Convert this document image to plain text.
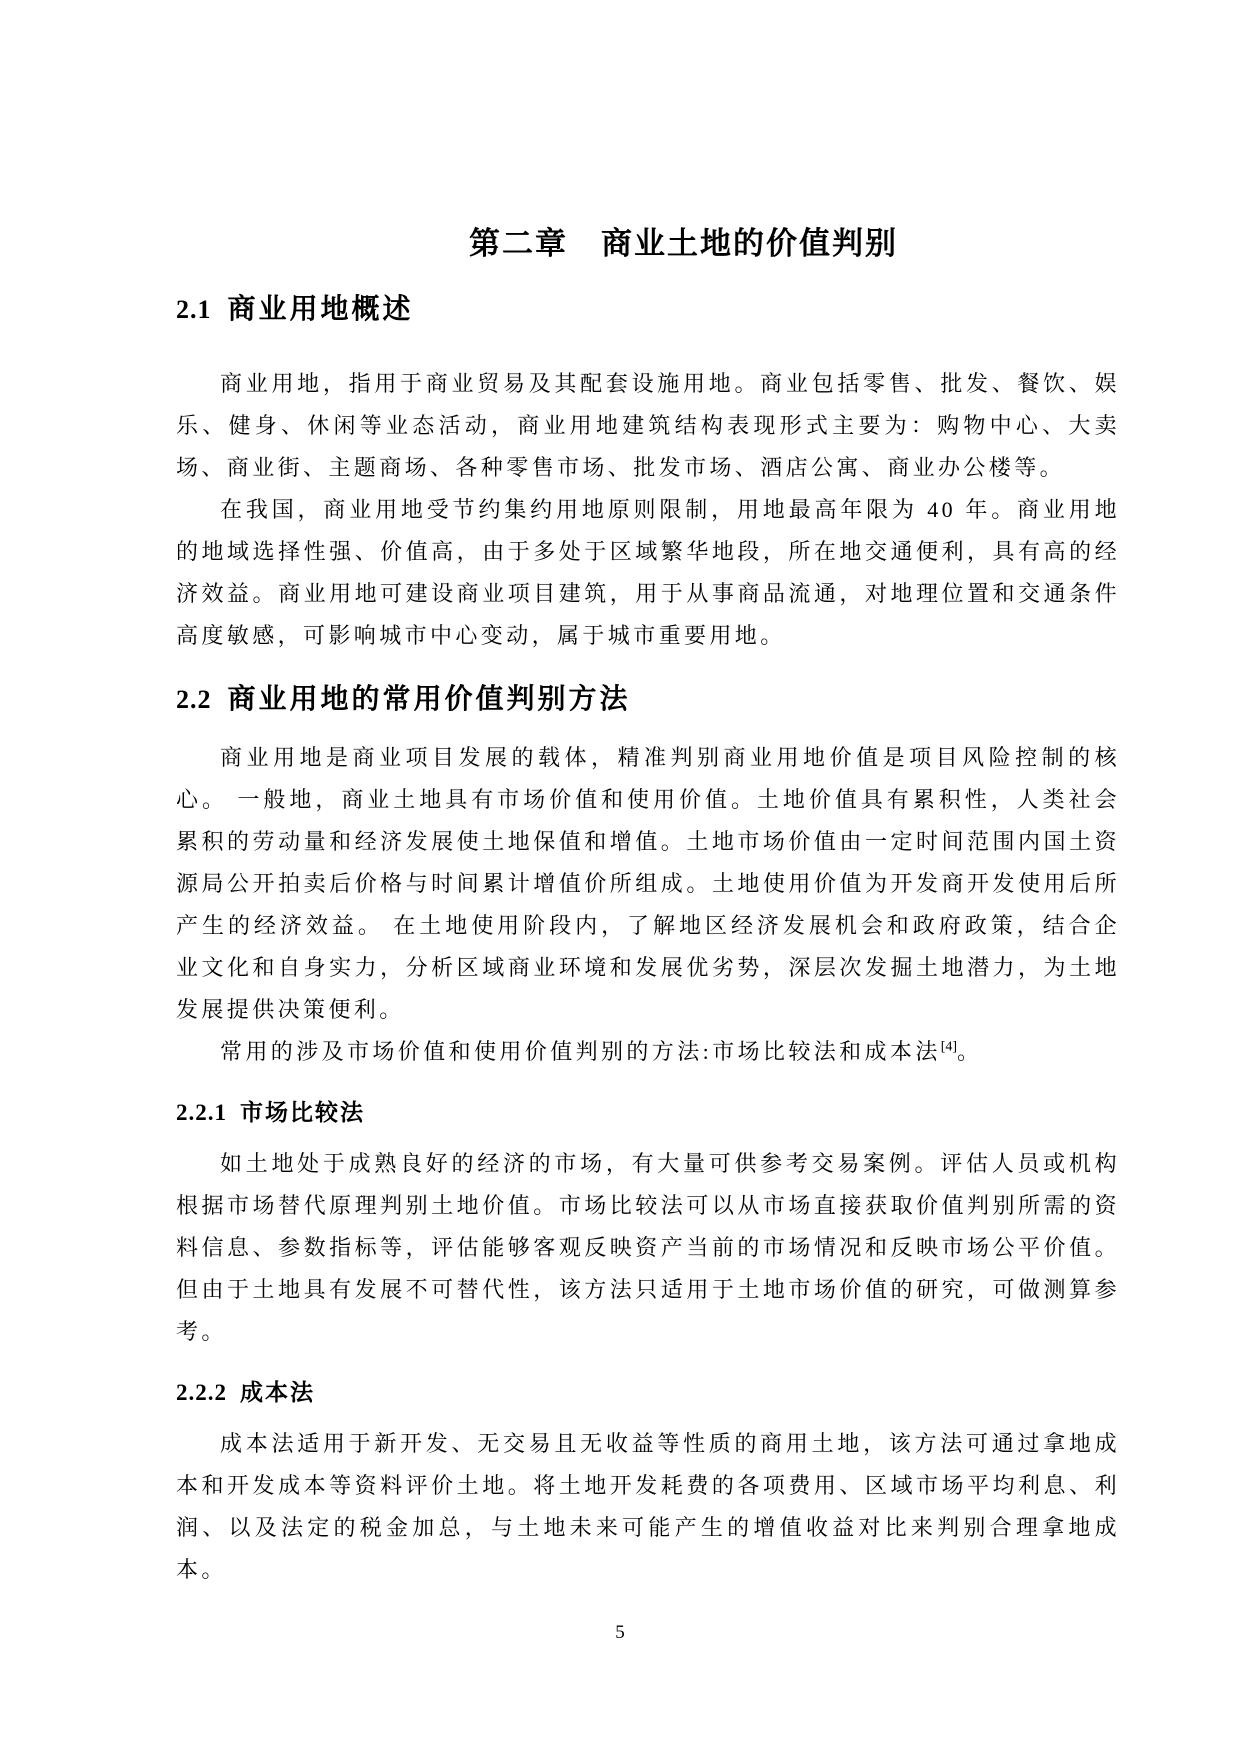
第二章　商业土地的价值判别
2.1 商业用地概述

商业用地，指用于商业贸易及其配套设施用地。商业包括零售、批发、餐饮、娱乐、健身、休闲等业态活动，商业用地建筑结构表现形式主要为：购物中心、大卖场、商业街、主题商场、各种零售市场、批发市场、酒店公寓、商业办公楼等。

在我国，商业用地受节约集约用地原则限制，用地最高年限为 40 年。商业用地的地域选择性强、价值高，由于多处于区域繁华地段，所在地交通便利，具有高的经济效益。商业用地可建设商业项目建筑，用于从事商品流通，对地理位置和交通条件高度敏感，可影响城市中心变动，属于城市重要用地。

2.2 商业用地的常用价值判别方法

商业用地是商业项目发展的载体，精准判别商业用地价值是项目风险控制的核心。 一般地，商业土地具有市场价值和使用价值。土地价值具有累积性，人类社会累积的劳动量和经济发展使土地保值和增值。土地市场价值由一定时间范围内国土资源局公开拍卖后价格与时间累计增值价所组成。土地使用价值为开发商开发使用后所产生的经济效益。 在土地使用阶段内，了解地区经济发展机会和政府政策，结合企业文化和自身实力，分析区域商业环境和发展优劣势，深层次发掘土地潜力，为土地发展提供决策便利。

常用的涉及市场价值和使用价值判别的方法:市场比较法和成本法[4]。

2.2.1 市场比较法

如土地处于成熟良好的经济的市场，有大量可供参考交易案例。评估人员或机构根据市场替代原理判别土地价值。市场比较法可以从市场直接获取价值判别所需的资料信息、参数指标等，评估能够客观反映资产当前的市场情况和反映市场公平价值。但由于土地具有发展不可替代性，该方法只适用于土地市场价值的研究，可做测算参考。

2.2.2 成本法

成本法适用于新开发、无交易且无收益等性质的商用土地，该方法可通过拿地成本和开发成本等资料评价土地。将土地开发耗费的各项费用、区域市场平均利息、利润、以及法定的税金加总，与土地未来可能产生的增值收益对比来判别合理拿地成本。

5
